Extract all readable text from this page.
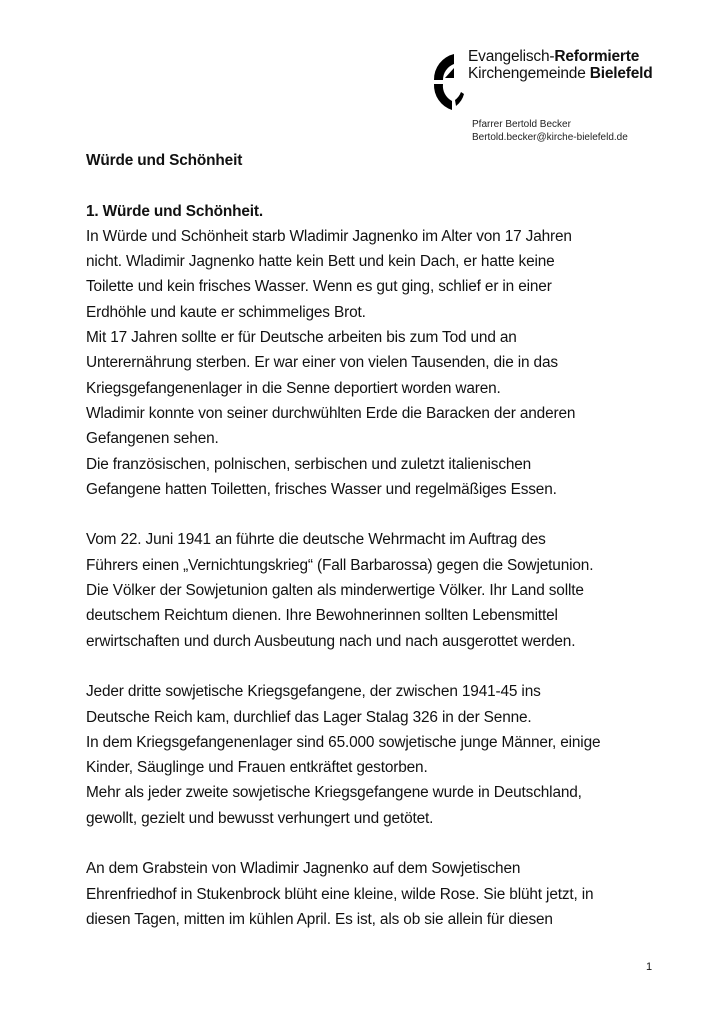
Evangelisch-Reformierte
Kirchengemeinde Bielefeld
Pfarrer Bertold Becker
Bertold.becker@kirche-bielefeld.de

Würde und Schönheit

1. Würde und Schönheit.

In Würde und Schönheit starb Wladimir Jagnenko im Alter von 17 Jahren

nicht. Wladimir Jagnenko hatte kein Bett und kein Dach, er hatte keine

Toilette und kein frisches Wasser. Wenn es gut ging, schlief er in einer

Erdhöhle und kaute er schimmeliges Brot.

Mit 17 Jahren sollte er für Deutsche arbeiten bis zum Tod und an

Unterernährung sterben. Er war einer von vielen Tausenden, die in das

Kriegsgefangenenlager in die Senne deportiert worden waren.

Wladimir konnte von seiner durchwühlten Erde die Baracken der anderen

Gefangenen sehen.

Die französischen, polnischen, serbischen und zuletzt italienischen

Gefangene hatten Toiletten, frisches Wasser und regelmäßiges Essen.

Vom 22. Juni 1941 an führte die deutsche Wehrmacht im Auftrag des

Führers einen „Vernichtungskrieg“ (Fall Barbarossa) gegen die Sowjetunion.

Die Völker der Sowjetunion galten als minderwertige Völker. Ihr Land sollte

deutschem Reichtum dienen. Ihre Bewohnerinnen sollten Lebensmittel

erwirtschaften und durch Ausbeutung nach und nach ausgerottet werden.

Jeder dritte sowjetische Kriegsgefangene, der zwischen 1941-45 ins

Deutsche Reich kam, durchlief das Lager Stalag 326 in der Senne.

In dem Kriegsgefangenenlager sind 65.000 sowjetische junge Männer, einige

Kinder, Säuglinge und Frauen entkräftet gestorben.

Mehr als jeder zweite sowjetische Kriegsgefangene wurde in Deutschland,

gewollt, gezielt und bewusst verhungert und getötet.

An dem Grabstein von Wladimir Jagnenko auf dem Sowjetischen

Ehrenfriedhof in Stukenbrock blüht eine kleine, wilde Rose. Sie blüht jetzt, in

diesen Tagen, mitten im kühlen April. Es ist, als ob sie allein für diesen

1
